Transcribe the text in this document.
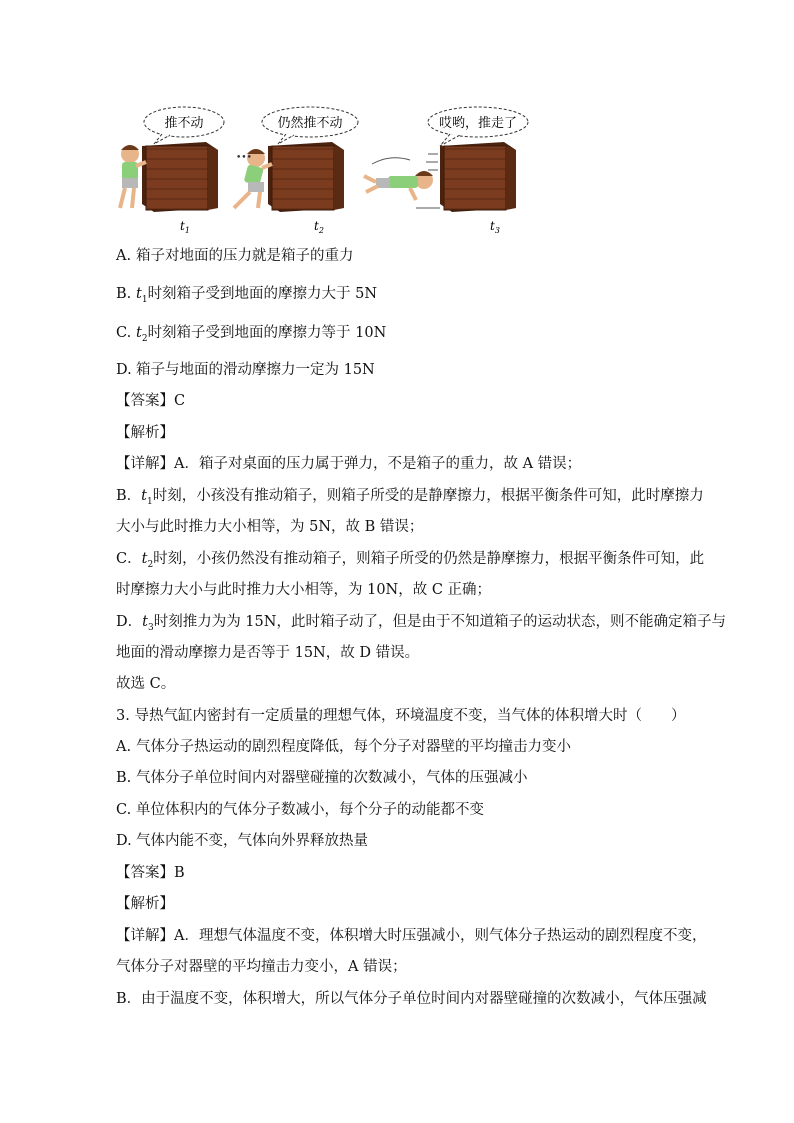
推不动
$t_1$
仍然推不动
•••
$t_2$
哎哟，推走了
$t_3$
A. 箱子对地面的压力就是箱子的重力
B. $t_1$时刻箱子受到地面的摩擦力大于 5N
C. $t_2$时刻箱子受到地面的摩擦力等于 10N
D. 箱子与地面的滑动摩擦力一定为 15N
【答案】C
【解析】
【详解】A．箱子对桌面的压力属于弹力，不是箱子的重力，故 A 错误；
B．$t_1$时刻，小孩没有推动箱子，则箱子所受的是静摩擦力，根据平衡条件可知，此时摩擦力
大小与此时推力大小相等，为 5N，故 B 错误；
C．$t_2$时刻，小孩仍然没有推动箱子，则箱子所受的仍然是静摩擦力，根据平衡条件可知，此
时摩擦力大小与此时推力大小相等，为 10N，故 C 正确；
D．$t_3$时刻推力为为 15N，此时箱子动了，但是由于不知道箱子的运动状态，则不能确定箱子与
地面的滑动摩擦力是否等于 15N，故 D 错误。
故选 C。
3. 导热气缸内密封有一定质量的理想气体，环境温度不变，当气体的体积增大时（　　）
A. 气体分子热运动的剧烈程度降低，每个分子对器壁的平均撞击力变小
B. 气体分子单位时间内对器壁碰撞的次数减小，气体的压强减小
C. 单位体积内的气体分子数减小，每个分子的动能都不变
D. 气体内能不变，气体向外界释放热量
【答案】B
【解析】
【详解】A．理想气体温度不变，体积增大时压强减小，则气体分子热运动的剧烈程度不变，
气体分子对器壁的平均撞击力变小，A 错误；
B．由于温度不变，体积增大，所以气体分子单位时间内对器壁碰撞的次数减小，气体压强减
